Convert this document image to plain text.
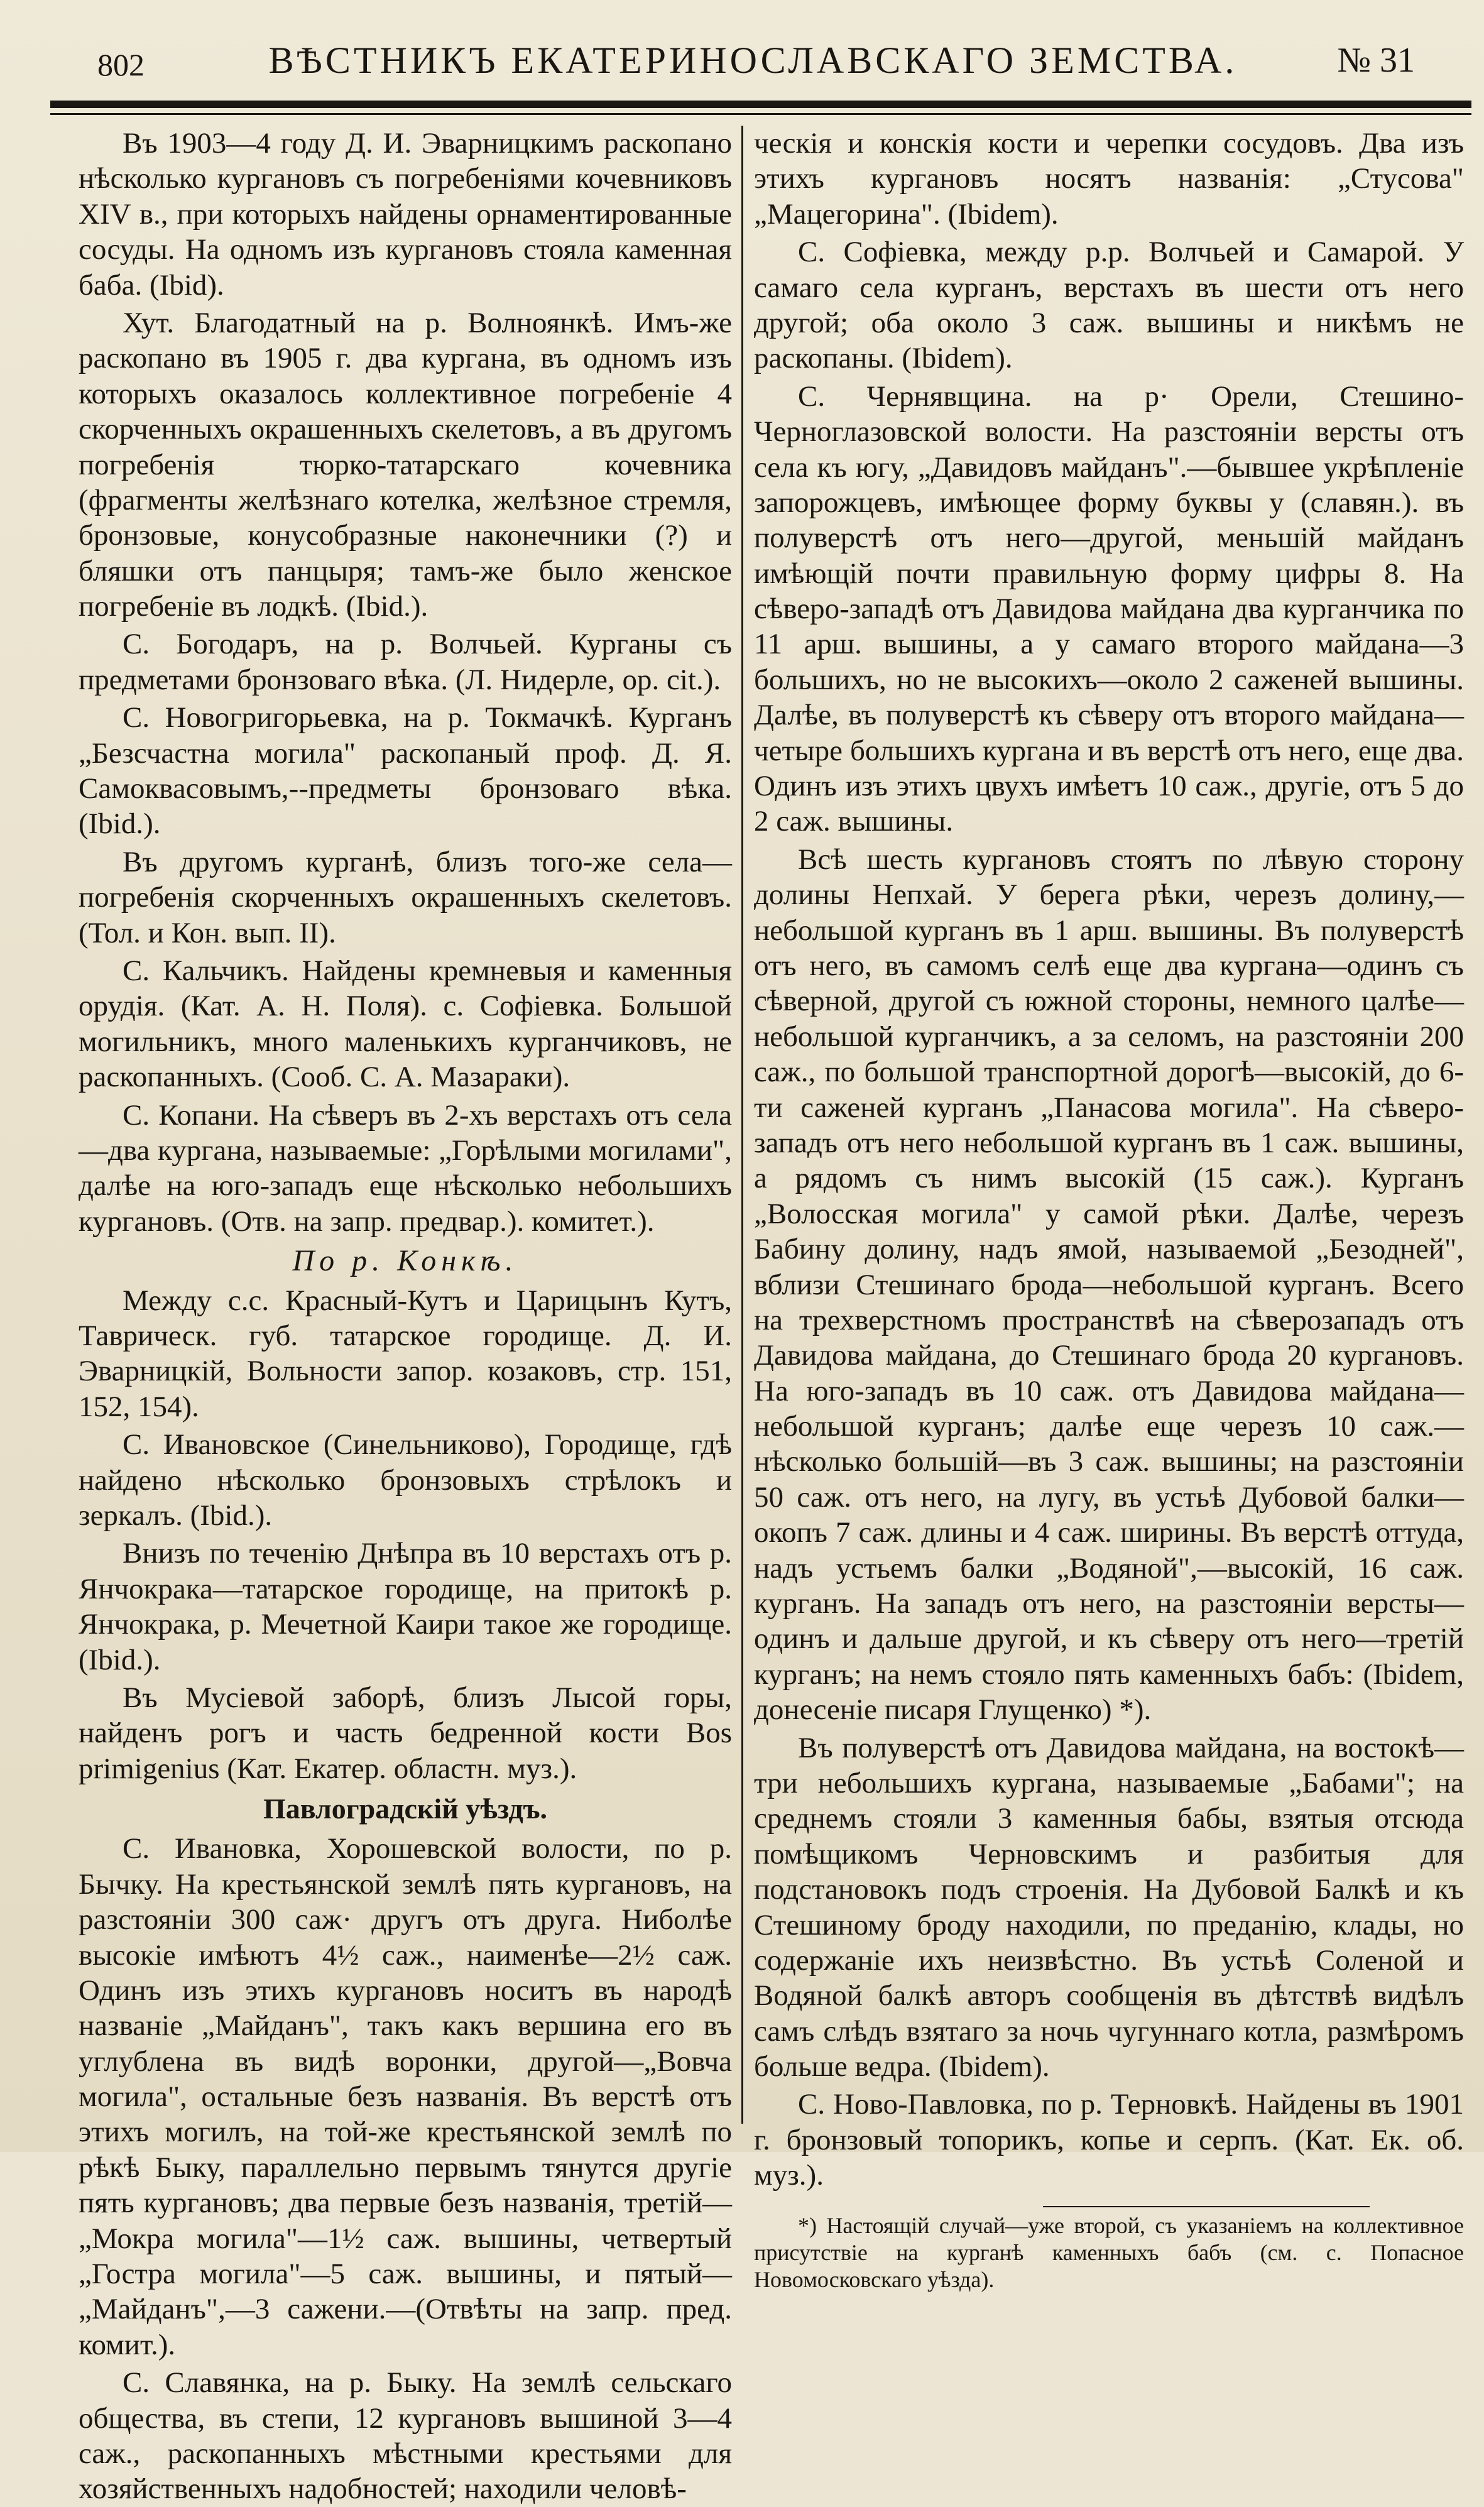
802	ВѢСТНИКЪ ЕКАТЕРИНОСЛАВСКАГО ЗЕМСТВА.	№ 31

Въ 1903—4 году Д. И. Эварницкимъ раскопано нѣсколько кургановъ съ погребеніями кочевниковъ XIV в., при которыхъ найдены орнаментированные сосуды. На одномъ изъ кургановъ стояла каменная баба. (Ibid).

Хут. Благодатный на р. Волноянкѣ. Имъ-же раскопано въ 1905 г. два кургана, въ одномъ изъ которыхъ оказалось коллективное погребеніе 4 скорченныхъ окрашенныхъ скелетовъ, а въ другомъ погребенія тюрко-татарскаго кочевника (фрагменты желѣзнаго котелка, желѣзное стремля, бронзовые, конусобразные наконечники (?) и бляшки отъ панцыря; тамъ-же было женское погребеніе въ лодкѣ. (Ibid.).

С. Богодаръ, на р. Волчьей. Курганы съ предметами бронзоваго вѣка. (Л. Нидерле, ор. cit.).

С. Новогригорьевка, на р. Токмачкѣ. Курганъ „Безсчастна могила" раскопаный проф. Д. Я. Самоквасовымъ,--предметы бронзоваго вѣка. (Ibid.).

Въ другомъ курганѣ, близъ того-же села— погребенія скорченныхъ окрашенныхъ скелетовъ. (Тол. и Кон. вып. II).

С. Кальчикъ. Найдены кремневыя и каменныя орудія. (Кат. А. Н. Поля). с. Софіевка. Большой могильникъ, много маленькихъ курганчиковъ, не раскопанныхъ. (Сооб. С. А. Мазараки).

С. Копани. На сѣверъ въ 2-хъ верстахъ отъ села—два кургана, называемые: „Горѣлыми могилами", далѣе на юго-западъ еще нѣсколько небольшихъ кургановъ. (Отв. на запр. предвар.). комитет.).

По р. Конкѣ.

Между с.с. Красный-Кутъ и Царицынъ Кутъ, Таврическ. губ. татарское городище. Д. И. Эварницкій, Вольности запор. козаковъ, стр. 151, 152, 154).

С. Ивановское (Синельниково), Городище, гдѣ найдено нѣсколько бронзовыхъ стрѣлокъ и зеркалъ. (Ibid.).

Внизъ по теченію Днѣпра въ 10 верстахъ отъ р. Янчокрака—татарское городище, на притокѣ р. Янчокрака, р. Мечетной Каири такое же городище. (Ibid.).

Въ Мусіевой заборѣ, близъ Лысой горы, найденъ рогъ и часть бедренной кости Bos primigenius (Кат. Екатер. областн. муз.).

Павлоградскій уѣздъ.

С. Ивановка, Хорошевской волости, по р. Бычку. На крестьянской землѣ пять кургановъ, на разстояніи 300 саж· другъ отъ друга. Ниболѣе высокіе имѣютъ 4½ саж., наименѣе—2½ саж. Одинъ изъ этихъ кургановъ носитъ въ народѣ названіе „Майданъ", такъ какъ вершина его въ углублена въ видѣ воронки, другой—„Вовча могила", остальные безъ названія. Въ верстѣ отъ этихъ могилъ, на той-же крестьянской землѣ по рѣкѣ Быку, параллельно первымъ тянутся другіе пять кургановъ; два первые безъ названія, третій— „Мокра могила"—1½ саж. вышины, четвертый „Гостра могила"—5 саж. вышины, и пятый—„Майданъ",—3 сажени.—(Отвѣты на запр. пред. комит.).

С. Славянка, на р. Быку. На землѣ сельскаго общества, въ степи, 12 кургановъ вышиной 3—4 саж., раскопанныхъ мѣстными крестьями для хозяйственныхъ надобностей; находили человѣ-

ческія и конскія кости и черепки сосудовъ. Два изъ этихъ кургановъ носятъ названія: „Стусова" „Мацегорина". (Ibidem).

С. Софіевка, между р.р. Волчьей и Самарой. У самаго села курганъ, верстахъ въ шести отъ него другой; оба около 3 саж. вышины и никѣмъ не раскопаны. (Ibidem).

С. Чернявщина. на р· Орели, Стешино-Черноглазовской волости. На разстояніи версты отъ села къ югу, „Давидовъ майданъ".—бывшее укрѣпленіе запорожцевъ, имѣющее форму буквы у (славян.). въ полуверстѣ отъ него—другой, меньшій майданъ имѣющій почти правильную форму цифры 8. На сѣверо-западѣ отъ Давидова майдана два курганчика по 11 арш. вышины, а у самаго второго майдана—3 большихъ, но не высокихъ—около 2 саженей вышины. Далѣе, въ полуверстѣ къ сѣверу отъ второго майдана—четыре большихъ кургана и въ верстѣ отъ него, еще два. Одинъ изъ этихъ цвухъ имѣетъ 10 саж., другіе, отъ 5 до 2 саж. вышины.

Всѣ шесть кургановъ стоятъ по лѣвую сторону долины Непхай. У берега рѣки, черезъ долину,—небольшой курганъ въ 1 арш. вышины. Въ полуверстѣ отъ него, въ самомъ селѣ еще два кургана—одинъ съ сѣверной, другой съ южной стороны, немного цалѣе—небольшой курганчикъ, а за селомъ, на разстояніи 200 саж., по большой транспортной дорогѣ—высокій, до 6-ти саженей курганъ „Панасова могила". На сѣверо-западъ отъ него небольшой курганъ въ 1 саж. вышины, а рядомъ съ нимъ высокій (15 саж.). Курганъ „Волосская могила" у самой рѣки. Далѣе, черезъ Бабину долину, надъ ямой, называемой „Безодней", вблизи Стешинаго брода—небольшой курганъ. Всего на трехверстномъ пространствѣ на сѣверозападъ отъ Давидова майдана, до Стешинаго брода 20 кургановъ. На юго-западъ въ 10 саж. отъ Давидова майдана—небольшой курганъ; далѣе еще черезъ 10 саж.—нѣсколько большій—въ 3 саж. вышины; на разстояніи 50 саж. отъ него, на лугу, въ устьѣ Дубовой балки— окопъ 7 саж. длины и 4 саж. ширины. Въ верстѣ оттуда, надъ устьемъ балки „Водяной",—высокій, 16 саж. курганъ. На западъ отъ него, на разстояніи версты—одинъ и дальше другой, и къ сѣверу отъ него—третій курганъ; на немъ стояло пять каменныхъ бабъ: (Ibidem, донесеніе писаря Глущенко) *).

Въ полуверстѣ отъ Давидова майдана, на востокѣ—три небольшихъ кургана, называемые „Бабами"; на среднемъ стояли 3 каменныя бабы, взятыя отсюда помѣщикомъ Черновскимъ и разбитыя для подстановокъ подъ строенія. На Дубовой Балкѣ и къ Стешиному броду находили, по преданію, клады, но содержаніе ихъ неизвѣстно. Въ устьѣ Соленой и Водяной балкѣ авторъ сообщенія въ дѣтствѣ видѣлъ самъ слѣдъ взятаго за ночь чугуннаго котла, размѣромъ больше ведра. (Ibidem).

С. Ново-Павловка, по р. Терновкѣ. Найдены въ 1901 г. бронзовый топорикъ, копье и серпъ. (Кат. Ек. об. муз.).

*) Настоящій случай—уже второй, съ указаніемъ на коллективное присутствіе на курганѣ каменныхъ бабъ (см. с. Попасное Новомосковскаго уѣзда).
